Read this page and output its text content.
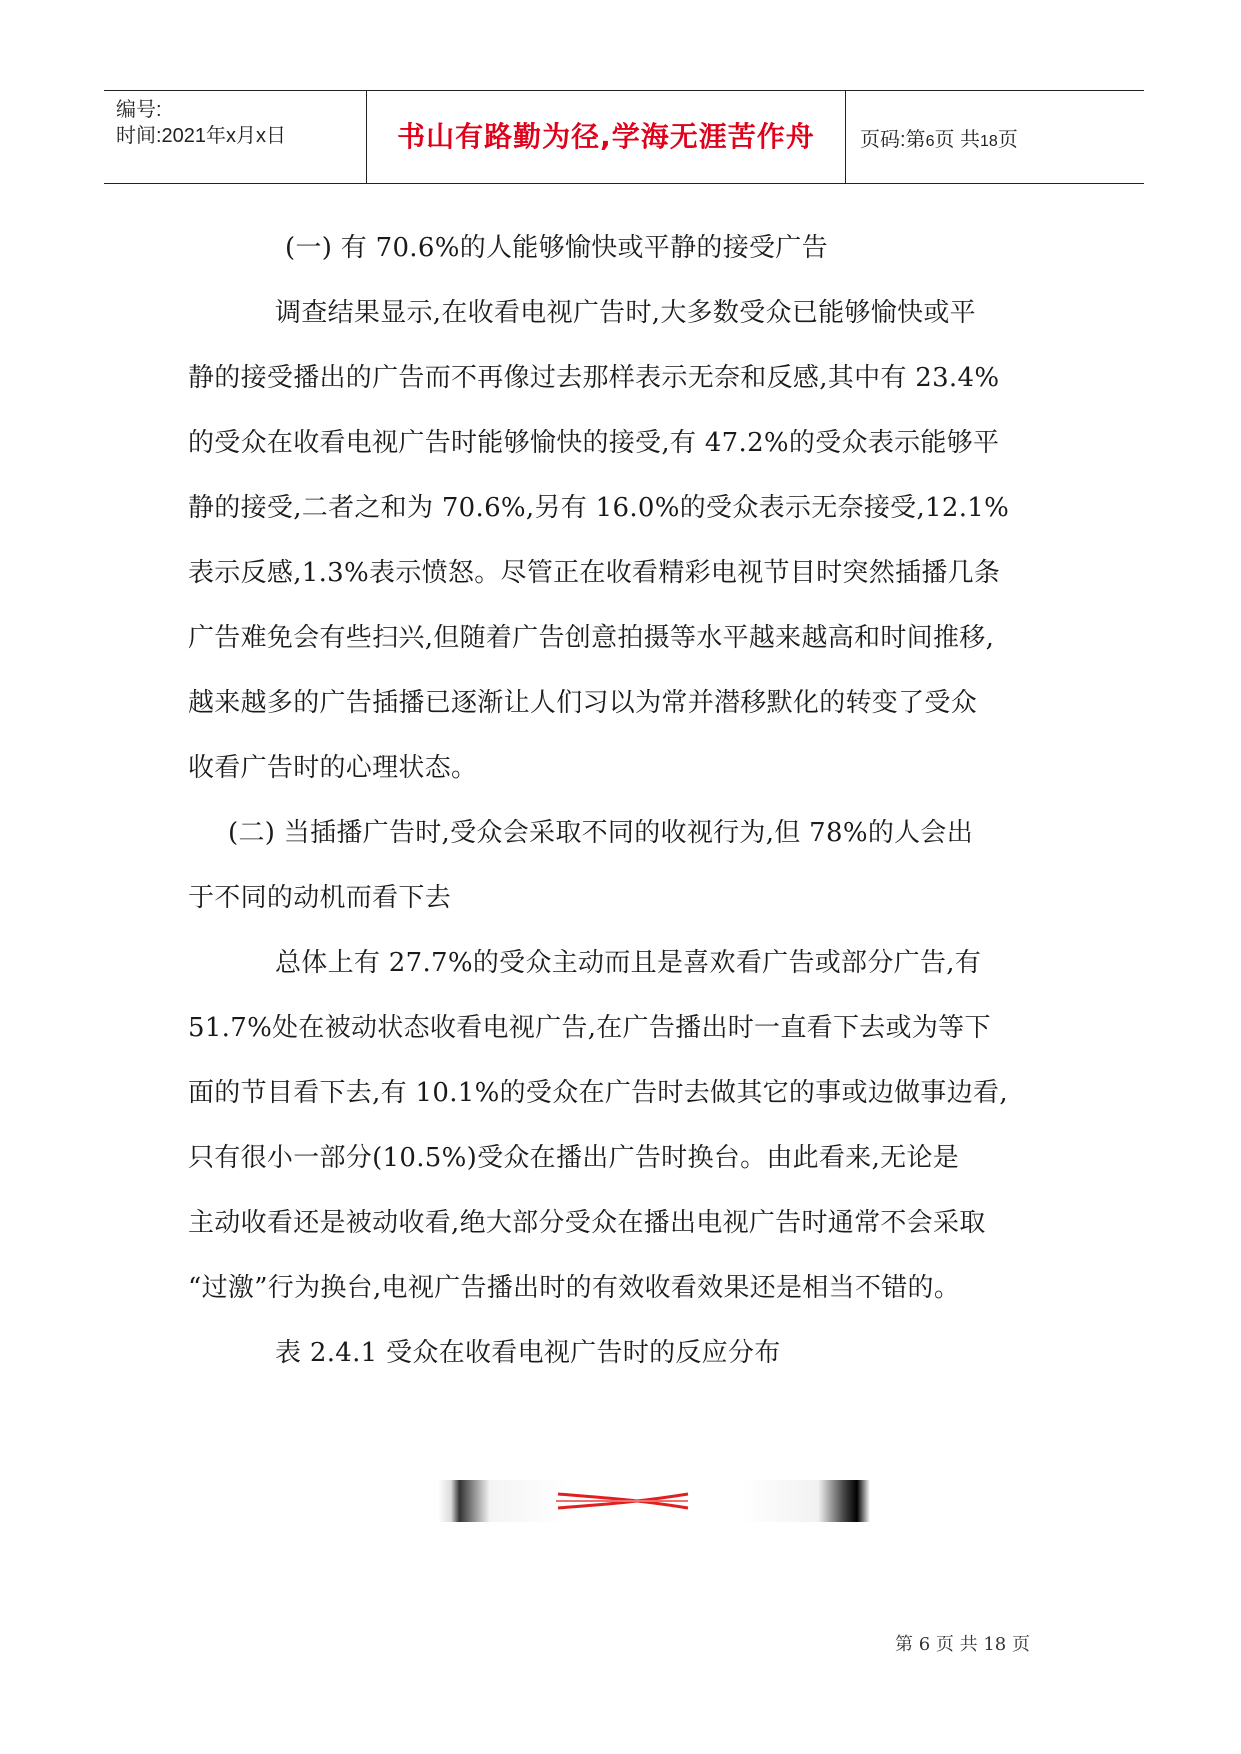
编号:
时间:2021年x月x日	书山有路勤为径,学海无涯苦作舟	页码:第6页 共18页
(一) 有 70.6%的人能够愉快或平静的接受广告
调查结果显示,在收看电视广告时,大多数受众已能够愉快或平
静的接受播出的广告而不再像过去那样表示无奈和反感,其中有 23.4%
的受众在收看电视广告时能够愉快的接受,有 47.2%的受众表示能够平
静的接受,二者之和为 70.6%,另有 16.0%的受众表示无奈接受,12.1%
表示反感,1.3%表示愤怒。尽管正在收看精彩电视节目时突然插播几条
广告难免会有些扫兴,但随着广告创意拍摄等水平越来越高和时间推移,
越来越多的广告插播已逐渐让人们习以为常并潜移默化的转变了受众
收看广告时的心理状态。
(二) 当插播广告时,受众会采取不同的收视行为,但 78%的人会出
于不同的动机而看下去
总体上有 27.7%的受众主动而且是喜欢看广告或部分广告,有
51.7%处在被动状态收看电视广告,在广告播出时一直看下去或为等下
面的节目看下去,有 10.1%的受众在广告时去做其它的事或边做事边看,
只有很小一部分(10.5%)受众在播出广告时换台。由此看来,无论是
主动收看还是被动收看,绝大部分受众在播出电视广告时通常不会采取
“过激”行为换台,电视广告播出时的有效收看效果还是相当不错的。
表 2.4.1 受众在收看电视广告时的反应分布
第 6 页 共 18 页
